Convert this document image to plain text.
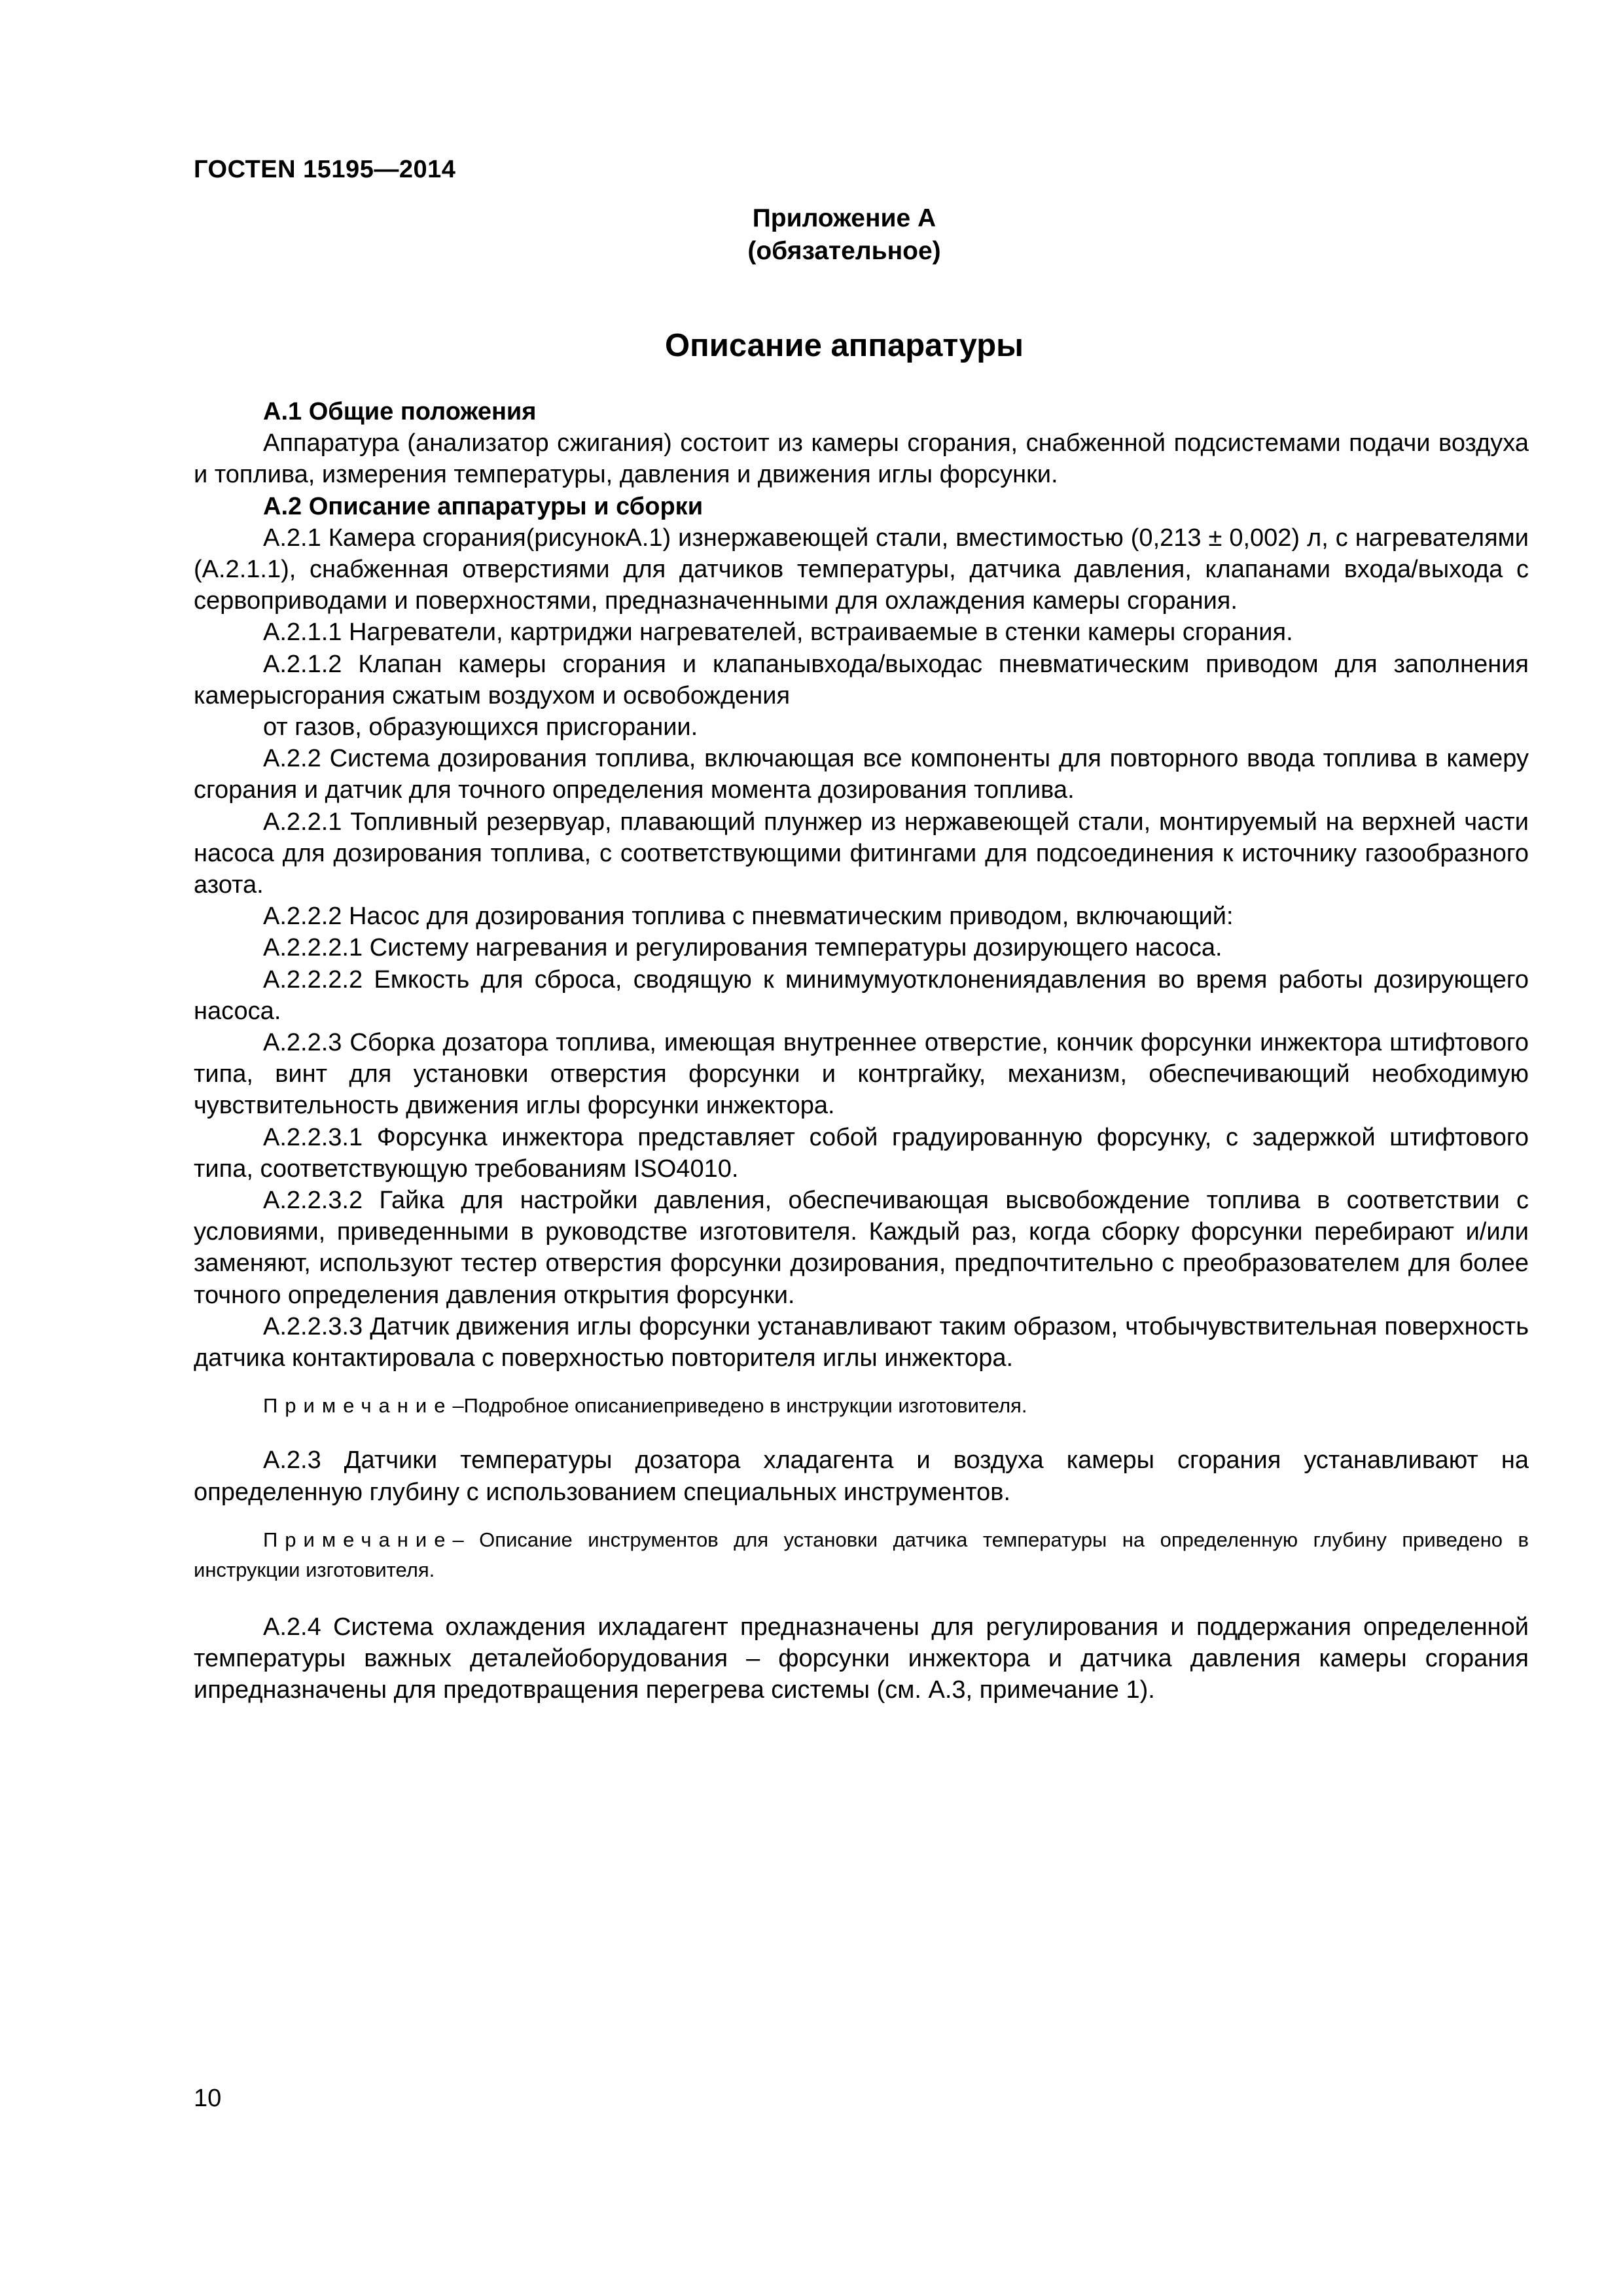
ГОСТEN 15195—2014

Приложение А

(обязательное)

Описание аппаратуры

А.1 Общие положения

Аппаратура (анализатор сжигания) состоит из камеры сгорания, снабженной подсистемами подачи воздуха и топлива, измерения температуры, давления и движения иглы форсунки.

А.2 Описание аппаратуры и сборки

А.2.1 Камера сгорания(рисунокА.1) изнержавеющей стали, вместимостью (0,213 ± 0,002) л, с нагревателями (А.2.1.1), снабженная отверстиями для датчиков температуры, датчика давления, клапанами входа/выхода с сервоприводами и поверхностями, предназначенными для охлаждения камеры сгорания.

А.2.1.1 Нагреватели, картриджи нагревателей, встраиваемые в стенки камеры сгорания.

А.2.1.2 Клапан камеры сгорания и клапанывхода/выходас пневматическим приводом для заполнения камерысгорания сжатым воздухом и освобождения

от газов, образующихся присгорании.

А.2.2 Система дозирования топлива, включающая все компоненты для повторного ввода топлива в камеру сгорания и датчик для точного определения момента дозирования топлива.

А.2.2.1 Топливный резервуар, плавающий плунжер из нержавеющей стали, монтируемый на верхней части насоса для дозирования топлива, с соответствующими фитингами для подсоединения к источнику газообразного азота.

А.2.2.2 Насос для дозирования топлива с пневматическим приводом, включающий:

А.2.2.2.1 Систему нагревания и регулирования температуры дозирующего насоса.

А.2.2.2.2 Емкость для сброса, сводящую к минимумуотклонениядавления во время работы дозирующего насоса.

А.2.2.3 Сборка дозатора топлива, имеющая внутреннее отверстие, кончик форсунки инжектора штифтового типа, винт для установки отверстия форсунки и контргайку, механизм, обеспечивающий необходимую чувствительность движения иглы форсунки инжектора.

А.2.2.3.1 Форсунка инжектора представляет собой градуированную форсунку, с задержкой штифтового типа, соответствующую требованиям ISO4010.

А.2.2.3.2 Гайка для настройки давления, обеспечивающая высвобождение топлива в соответствии с условиями, приведенными в руководстве изготовителя. Каждый раз, когда сборку форсунки перебирают и/или заменяют, используют тестер отверстия форсунки дозирования, предпочтительно с преобразователем для более точного определения давления открытия форсунки.

А.2.2.3.3 Датчик движения иглы форсунки устанавливают таким образом, чтобычувствительная поверхность датчика контактировала с поверхностью повторителя иглы инжектора.

Примечание–Подробное описаниеприведено в инструкции изготовителя.

А.2.3 Датчики температуры дозатора хладагента и воздуха камеры сгорания устанавливают на определенную глубину с использованием специальных инструментов.

Примечание– Описание инструментов для установки датчика температуры на определенную глубину приведено в инструкции изготовителя.

А.2.4 Система охлаждения ихладагент предназначены для регулирования и поддержания определенной температуры важных деталейоборудования – форсунки инжектора и датчика давления камеры сгорания ипредназначены для предотвращения перегрева системы (см. А.3, примечание 1).

10
